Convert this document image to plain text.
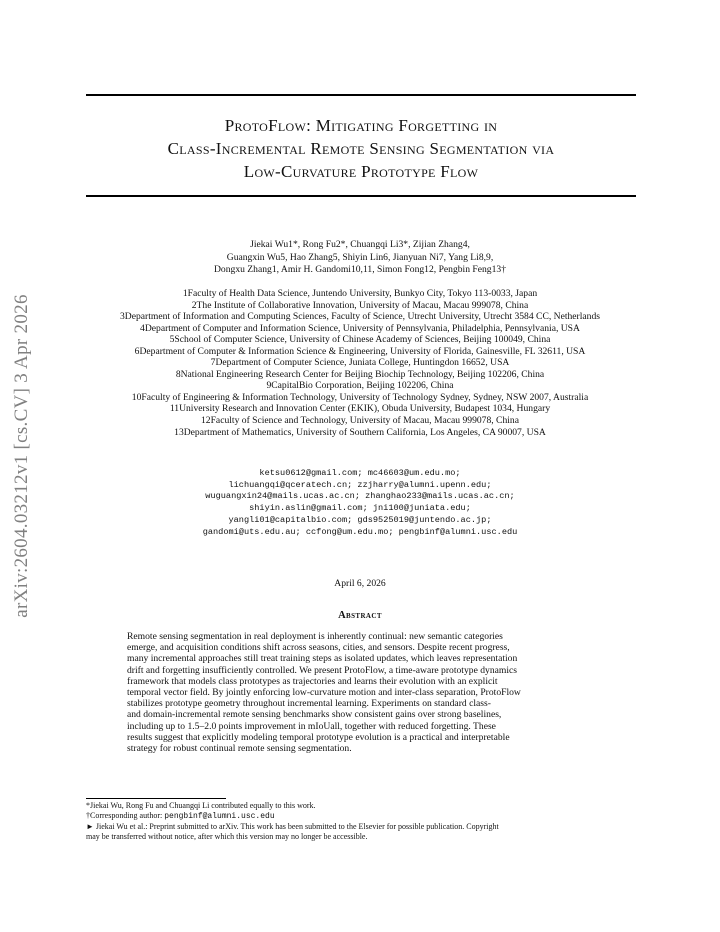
arXiv:2604.03212v1 [cs.CV] 3 Apr 2026
ProtoFlow: Mitigating Forgetting in
Class-Incremental Remote Sensing Segmentation via
Low-Curvature Prototype Flow
Jiekai Wu1*, Rong Fu2*, Chuangqi Li3*, Zijian Zhang4,
Guangxin Wu5, Hao Zhang5, Shiyin Lin6, Jianyuan Ni7, Yang Li8,9,
Dongxu Zhang1, Amir H. Gandomi10,11, Simon Fong12, Pengbin Feng13†
1Faculty of Health Data Science, Juntendo University, Bunkyo City, Tokyo 113-0033, Japan
2The Institute of Collaborative Innovation, University of Macau, Macau 999078, China
3Department of Information and Computing Sciences, Faculty of Science, Utrecht University, Utrecht 3584 CC, Netherlands
4Department of Computer and Information Science, University of Pennsylvania, Philadelphia, Pennsylvania, USA
5School of Computer Science, University of Chinese Academy of Sciences, Beijing 100049, China
6Department of Computer & Information Science & Engineering, University of Florida, Gainesville, FL 32611, USA
7Department of Computer Science, Juniata College, Huntingdon 16652, USA
8National Engineering Research Center for Beijing Biochip Technology, Beijing 102206, China
9CapitalBio Corporation, Beijing 102206, China
10Faculty of Engineering & Information Technology, University of Technology Sydney, Sydney, NSW 2007, Australia
11University Research and Innovation Center (EKIK), Obuda University, Budapest 1034, Hungary
12Faculty of Science and Technology, University of Macau, Macau 999078, China
13Department of Mathematics, University of Southern California, Los Angeles, CA 90007, USA
ketsu0612@gmail.com; mc46603@um.edu.mo;
lichuangqi@qceratech.cn; zzjharry@alumni.upenn.edu;
wuguangxin24@mails.ucas.ac.cn; zhanghao233@mails.ucas.ac.cn;
shiyin.aslin@gmail.com; jni100@juniata.edu;
yangli01@capitalbio.com; gds9525019@juntendo.ac.jp;
gandomi@uts.edu.au; ccfong@um.edu.mo; pengbinf@alumni.usc.edu
April 6, 2026
Abstract
Remote sensing segmentation in real deployment is inherently continual: new semantic categories
emerge, and acquisition conditions shift across seasons, cities, and sensors. Despite recent progress,
many incremental approaches still treat training steps as isolated updates, which leaves representation
drift and forgetting insufficiently controlled. We present ProtoFlow, a time-aware prototype dynamics
framework that models class prototypes as trajectories and learns their evolution with an explicit
temporal vector field. By jointly enforcing low-curvature motion and inter-class separation, ProtoFlow
stabilizes prototype geometry throughout incremental learning. Experiments on standard class-
and domain-incremental remote sensing benchmarks show consistent gains over strong baselines,
including up to 1.5–2.0 points improvement in mIoUall, together with reduced forgetting. These
results suggest that explicitly modeling temporal prototype evolution is a practical and interpretable
strategy for robust continual remote sensing segmentation.
*Jiekai Wu, Rong Fu and Chuangqi Li contributed equally to this work.
†Corresponding author: pengbinf@alumni.usc.edu
► Jiekai Wu et al.: Preprint submitted to arXiv. This work has been submitted to the Elsevier for possible publication. Copyright
may be transferred without notice, after which this version may no longer be accessible.
